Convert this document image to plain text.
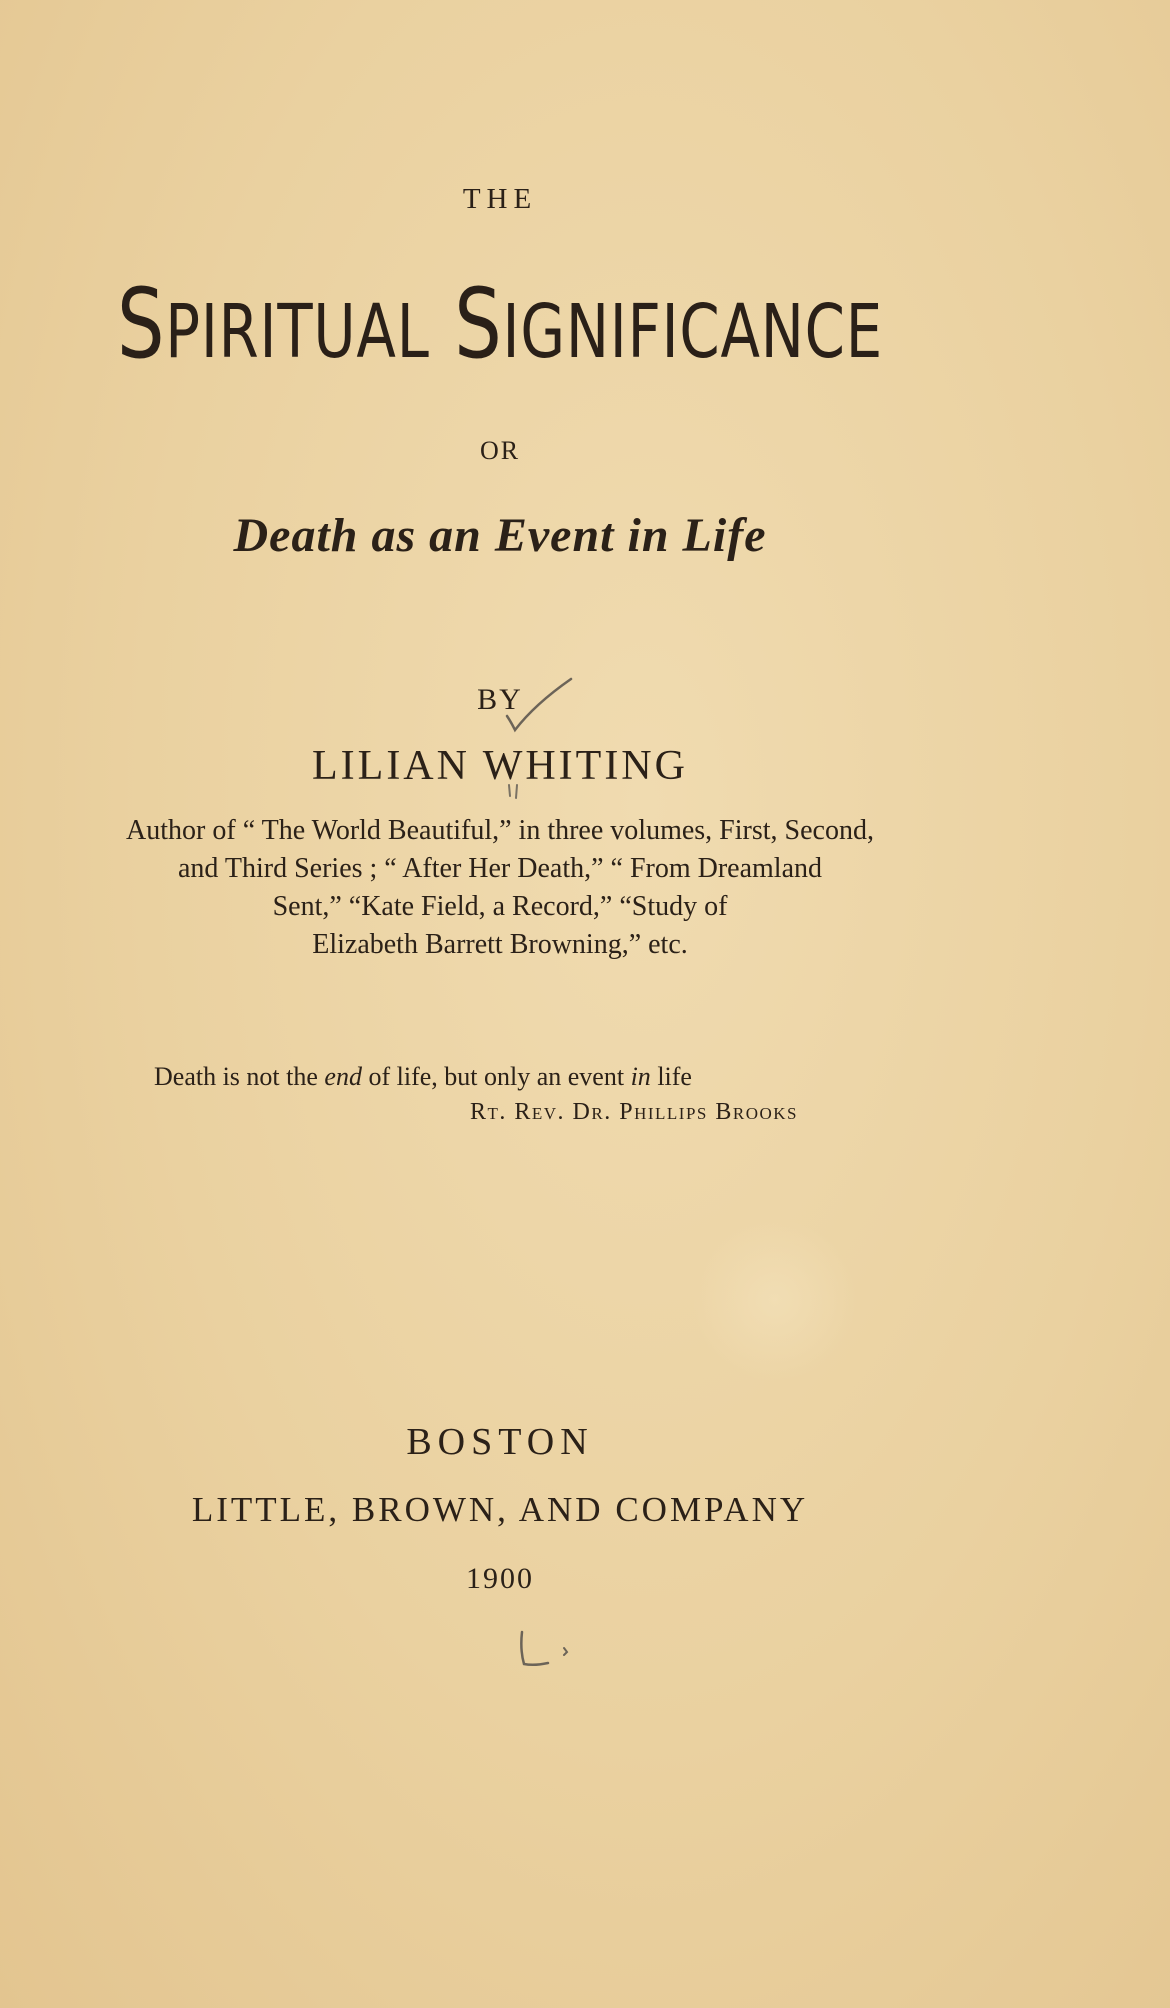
THE
SPIRITUAL SIGNIFICANCE
OR
Death as an Event in Life
BY
LILIAN WHITING
Author of “ The World Beautiful,” in three volumes, First, Second,
and Third Series ; “ After Her Death,” “ From Dreamland
Sent,” “Kate Field, a Record,” “Study of
Elizabeth Barrett Browning,” etc.
Death is not the end of life, but only an event in life
Rt. Rev. Dr. Phillips Brooks
BOSTON
LITTLE, BROWN, AND COMPANY
1900
